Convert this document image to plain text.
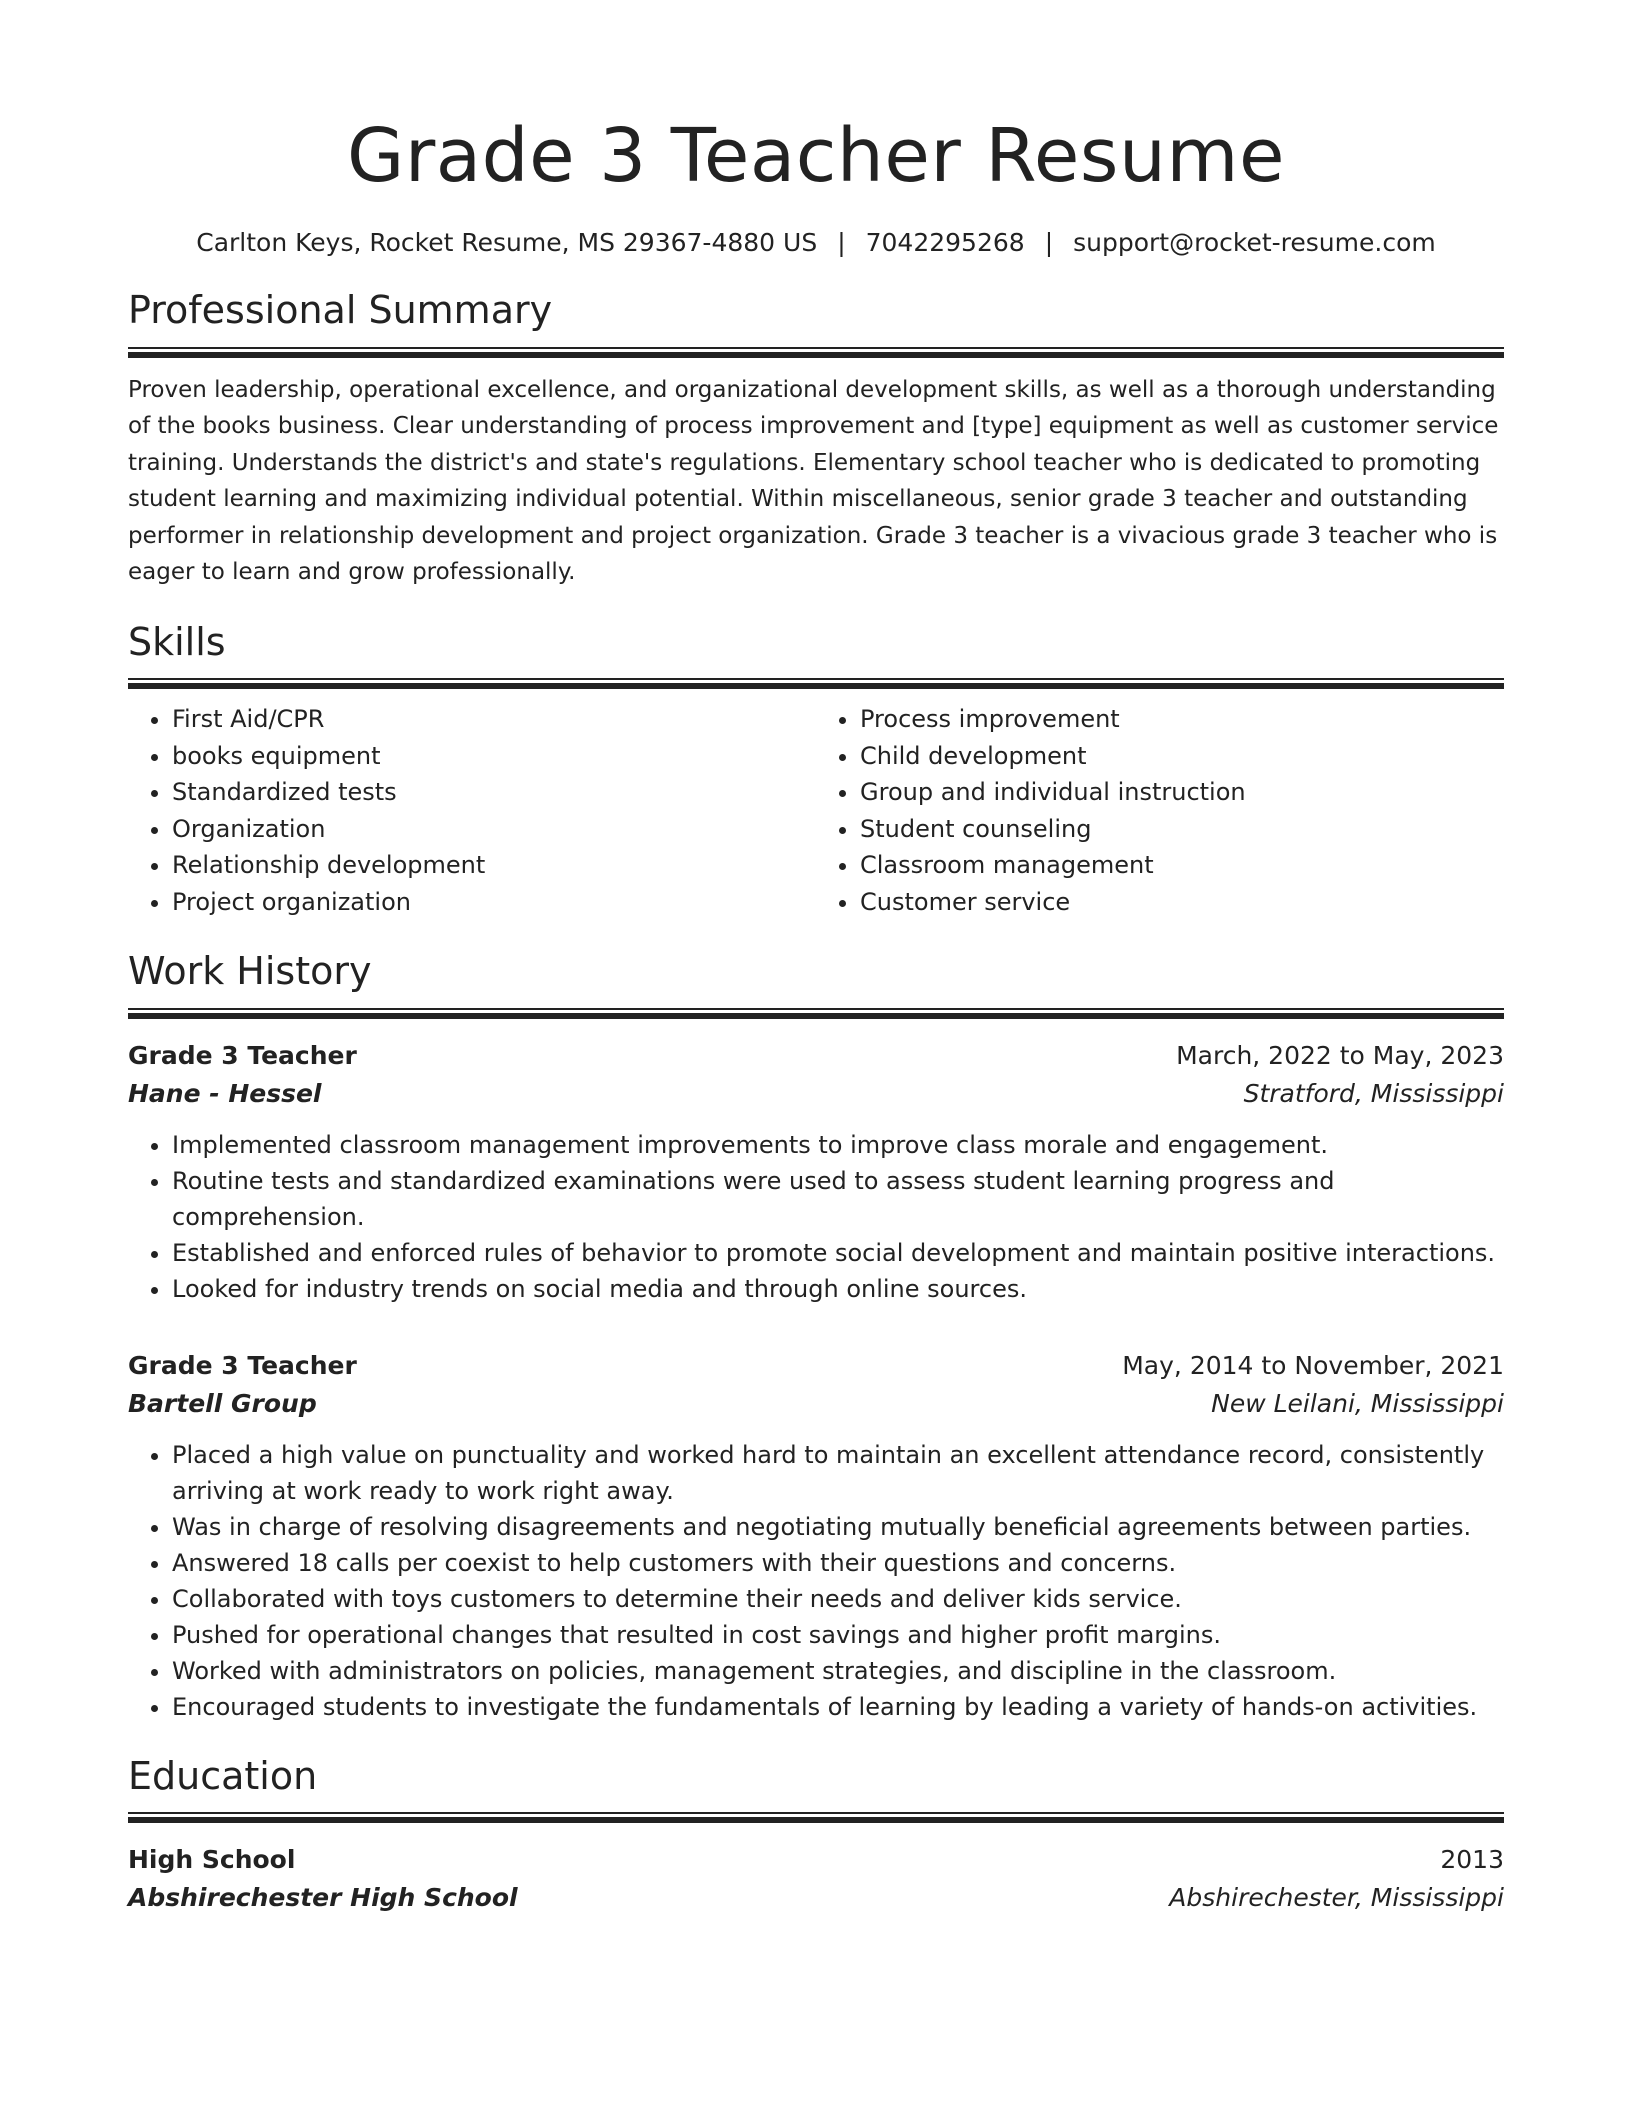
Grade 3 Teacher Resume
Carlton Keys, Rocket Resume, MS 29367-4880 US | 7042295268 | support@rocket-resume.com
Professional Summary
Proven leadership, operational excellence, and organizational development skills, as well as a thorough understanding of the books business. Clear understanding of process improvement and [type] equipment as well as customer service training. Understands the district's and state's regulations. Elementary school teacher who is dedicated to promoting student learning and maximizing individual potential. Within miscellaneous, senior grade 3 teacher and outstanding performer in relationship development and project organization. Grade 3 teacher is a vivacious grade 3 teacher who is eager to learn and grow professionally.
Skills
• First Aid/CPR
• books equipment
• Standardized tests
• Organization
• Relationship development
• Project organization
• Process improvement
• Child development
• Group and individual instruction
• Student counseling
• Classroom management
• Customer service
Work History
Grade 3 Teacher	March, 2022 to May, 2023
Hane - Hessel	Stratford, Mississippi
• Implemented classroom management improvements to improve class morale and engagement.
• Routine tests and standardized examinations were used to assess student learning progress and comprehension.
• Established and enforced rules of behavior to promote social development and maintain positive interactions.
• Looked for industry trends on social media and through online sources.
Grade 3 Teacher	May, 2014 to November, 2021
Bartell Group	New Leilani, Mississippi
• Placed a high value on punctuality and worked hard to maintain an excellent attendance record, consistently arriving at work ready to work right away.
• Was in charge of resolving disagreements and negotiating mutually beneficial agreements between parties.
• Answered 18 calls per coexist to help customers with their questions and concerns.
• Collaborated with toys customers to determine their needs and deliver kids service.
• Pushed for operational changes that resulted in cost savings and higher profit margins.
• Worked with administrators on policies, management strategies, and discipline in the classroom.
• Encouraged students to investigate the fundamentals of learning by leading a variety of hands-on activities.
Education
High School	2013
Abshirechester High School	Abshirechester, Mississippi
